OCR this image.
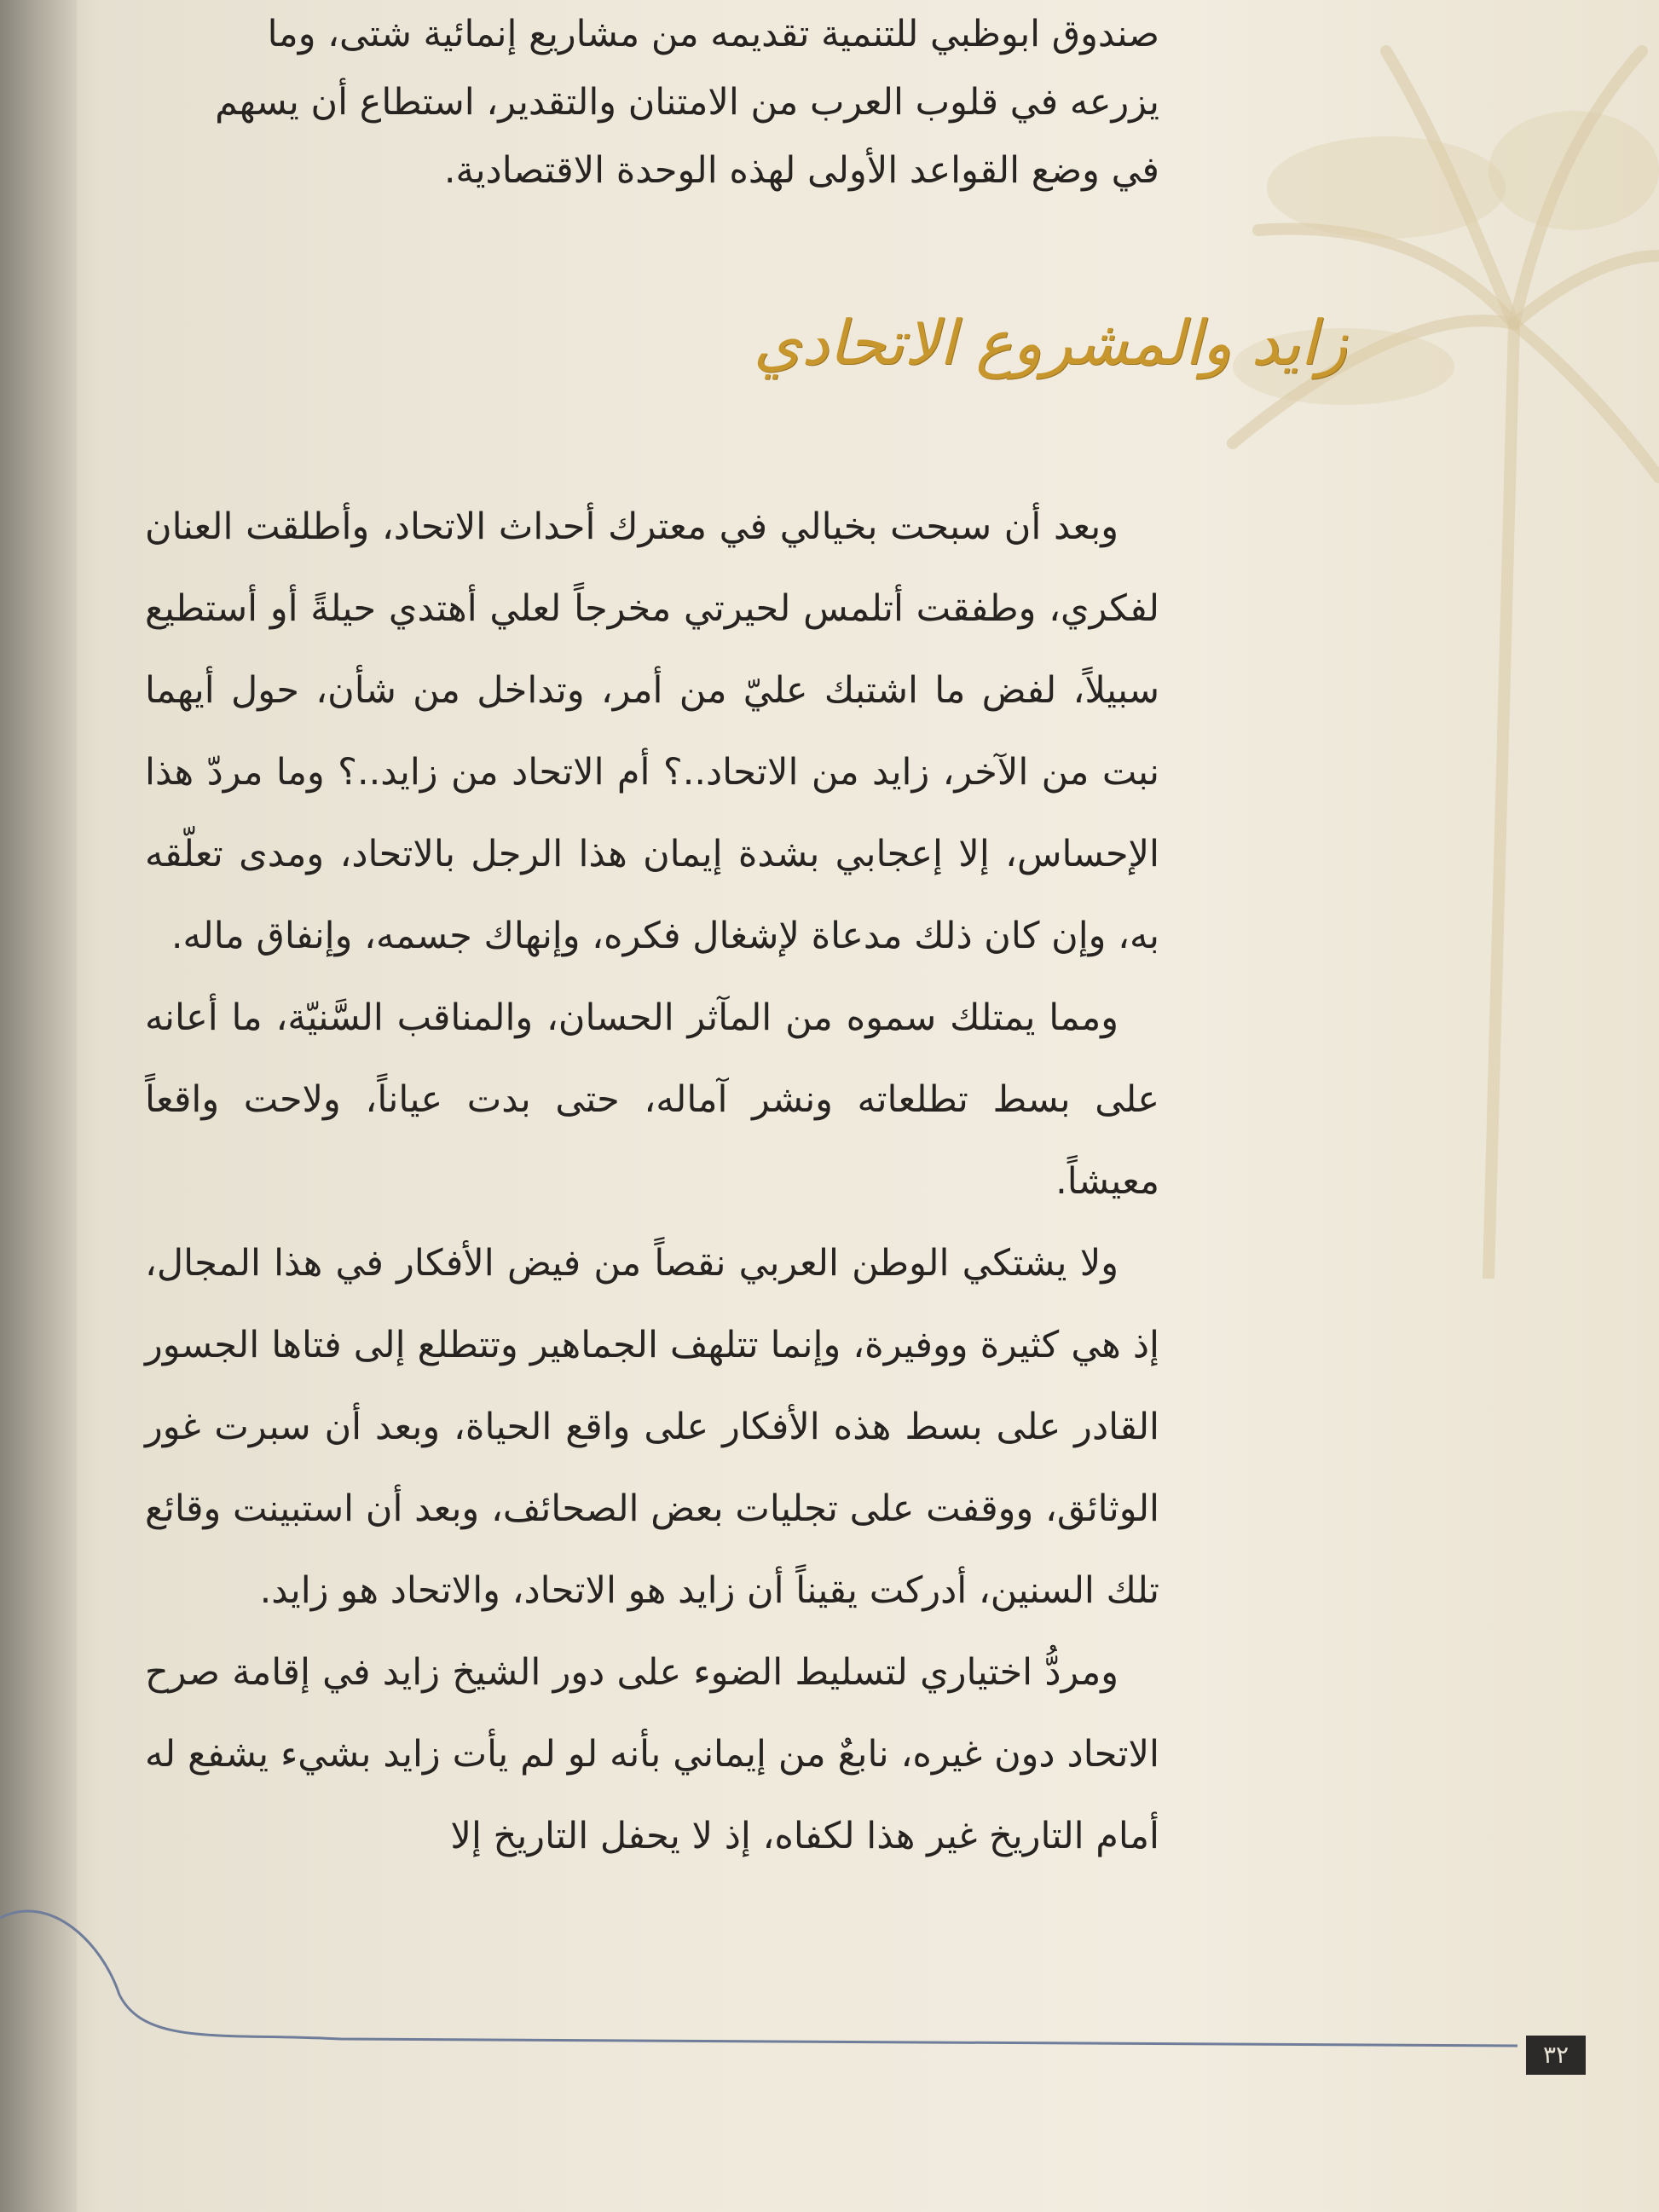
صندوق ابوظبي للتنمية تقديمه من مشاريع إنمائية شتى، وما

يزرعه في قلوب العرب من الامتنان والتقدير، استطاع أن يسهم

في وضع القواعد الأولى لهذه الوحدة الاقتصادية.

زايد والمشروع الاتحادي

وبعد أن سبحت بخيالي في معترك أحداث الاتحاد، وأطلقت العنان لفكري، وطفقت أتلمس لحيرتي مخرجاً لعلي أهتدي حيلةً أو أستطيع سبيلاً، لفض ما اشتبك عليّ من أمر، وتداخل من شأن، حول أيهما نبت من الآخر، زايد من الاتحاد..؟ أم الاتحاد من زايد..؟ وما مردّ هذا الإحساس، إلا إعجابي بشدة إيمان هذا الرجل بالاتحاد، ومدى تعلّقه به، وإن كان ذلك مدعاة لإشغال فكره، وإنهاك جسمه، وإنفاق ماله.

ومما يمتلك سموه من المآثر الحسان، والمناقب السَّنيّة، ما أعانه على بسط تطلعاته ونشر آماله، حتى بدت عياناً، ولاحت واقعاً معيشاً.

ولا يشتكي الوطن العربي نقصاً من فيض الأفكار في هذا المجال، إذ هي كثيرة ووفيرة، وإنما تتلهف الجماهير وتتطلع إلى فتاها الجسور القادر على بسط هذه الأفكار على واقع الحياة، وبعد أن سبرت غور الوثائق، ووقفت على تجليات بعض الصحائف، وبعد أن استبينت وقائع تلك السنين، أدركت يقيناً أن زايد هو الاتحاد، والاتحاد هو زايد.

ومردُّ اختياري لتسليط الضوء على دور الشيخ زايد في إقامة صرح الاتحاد دون غيره، نابعٌ من إيماني بأنه لو لم يأت زايد بشيء يشفع له أمام التاريخ غير هذا لكفاه، إذ لا يحفل التاريخ إلا

٣٢
